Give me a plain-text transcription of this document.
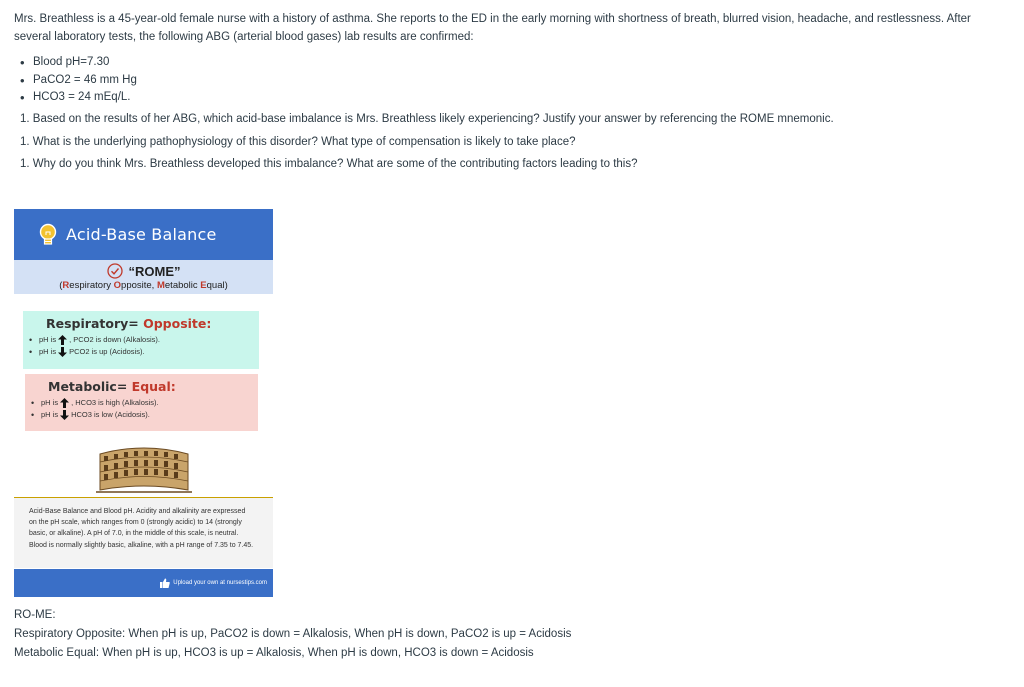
Mrs. Breathless is a 45-year-old female nurse with a history of asthma. She reports to the ED in the early morning with shortness of breath, blurred vision, headache, and restlessness. After several laboratory tests, the following ABG (arterial blood gases) lab results are confirmed:
• Blood pH=7.30
• PaCO2 = 46 mm Hg
• HCO3 = 24 mEq/L.
1. Based on the results of her ABG, which acid-base imbalance is Mrs. Breathless likely experiencing? Justify your answer by referencing the ROME mnemonic.
1. What is the underlying pathophysiology of this disorder? What type of compensation is likely to take place?
1. Why do you think Mrs. Breathless developed this imbalance? What are some of the contributing factors leading to this?
Acid-Base Balance
“ROME”
(Respiratory Opposite, Metabolic Equal)
Respiratory= Opposite:
• pH is , PCO2 is down (Alkalosis).
• pH is PCO2 is up (Acidosis).
Metabolic= Equal:
• pH is , HCO3 is high (Alkalosis).
• pH is HCO3 is low (Acidosis).
Acid-Base Balance and Blood pH. Acidity and alkalinity are expressed on the pH scale, which ranges from 0 (strongly acidic) to 14 (strongly basic, or alkaline). A pH of 7.0, in the middle of this scale, is neutral. Blood is normally slightly basic, alkaline, with a pH range of 7.35 to 7.45.
Upload your own at nursestips.com
RO-ME:
Respiratory Opposite: When pH is up, PaCO2 is down = Alkalosis, When pH is down, PaCO2 is up = Acidosis
Metabolic Equal: When pH is up, HCO3 is up = Alkalosis, When pH is down, HCO3 is down = Acidosis
